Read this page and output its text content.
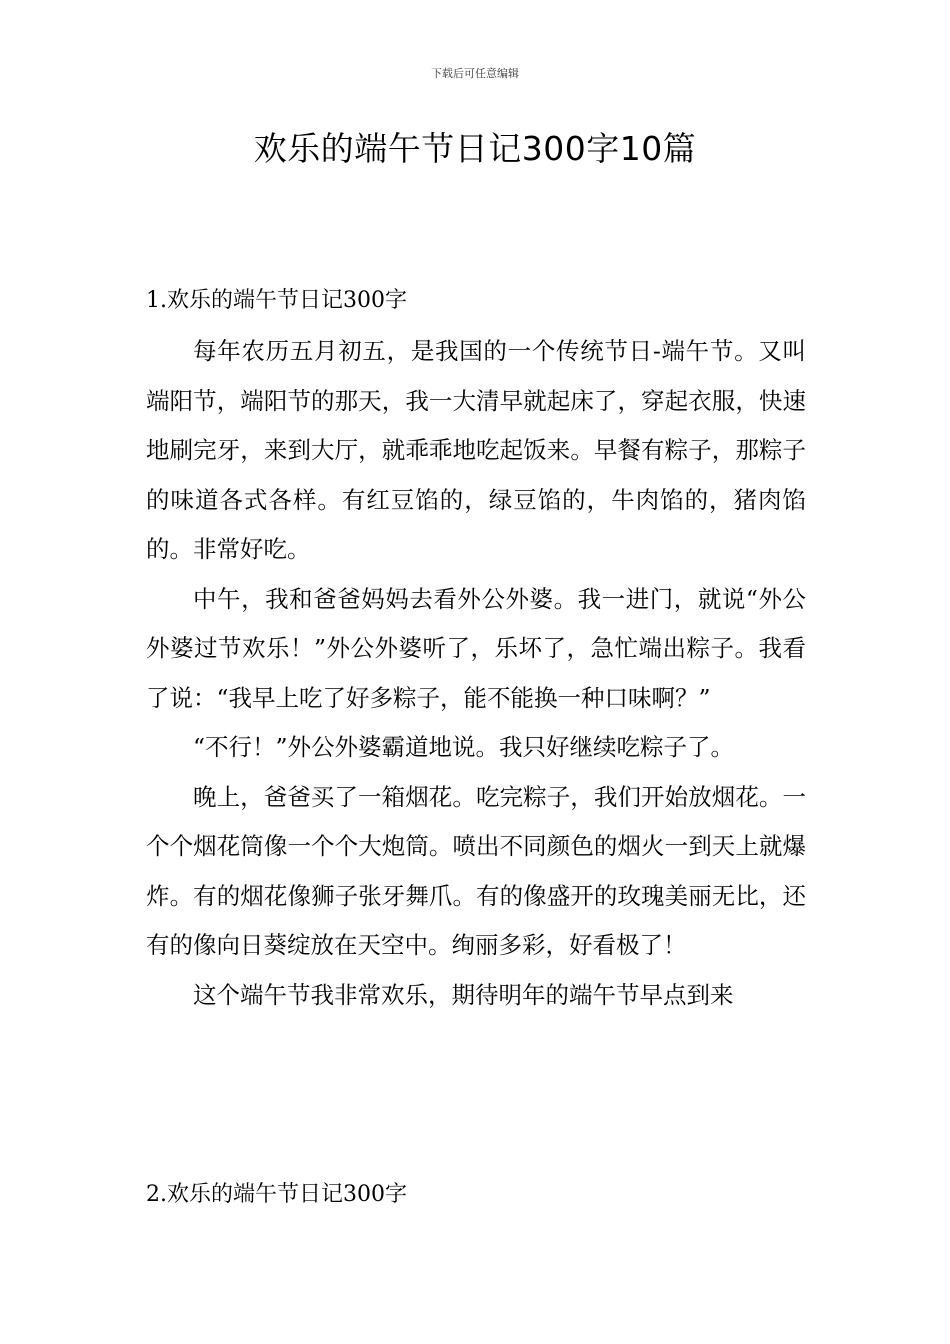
下载后可任意编辑
欢乐的端午节日记300字10篇
1.欢乐的端午节日记300字

每年农历五月初五，是我国的一个传统节日-端午节。又叫端阳节，端阳节的那天，我一大清早就起床了，穿起衣服，快速地刷完牙，来到大厅，就乖乖地吃起饭来。早餐有粽子，那粽子的味道各式各样。有红豆馅的，绿豆馅的，牛肉馅的，猪肉馅的。非常好吃。

中午，我和爸爸妈妈去看外公外婆。我一进门，就说“外公外婆过节欢乐！”外公外婆听了，乐坏了，急忙端出粽子。我看了说：“我早上吃了好多粽子，能不能换一种口味啊？”

“不行！”外公外婆霸道地说。我只好继续吃粽子了。

晚上，爸爸买了一箱烟花。吃完粽子，我们开始放烟花。一个个烟花筒像一个个大炮筒。喷出不同颜色的烟火一到天上就爆炸。有的烟花像狮子张牙舞爪。有的像盛开的玫瑰美丽无比，还有的像向日葵绽放在天空中。绚丽多彩，好看极了！

这个端午节我非常欢乐，期待明年的端午节早点到来

2.欢乐的端午节日记300字
